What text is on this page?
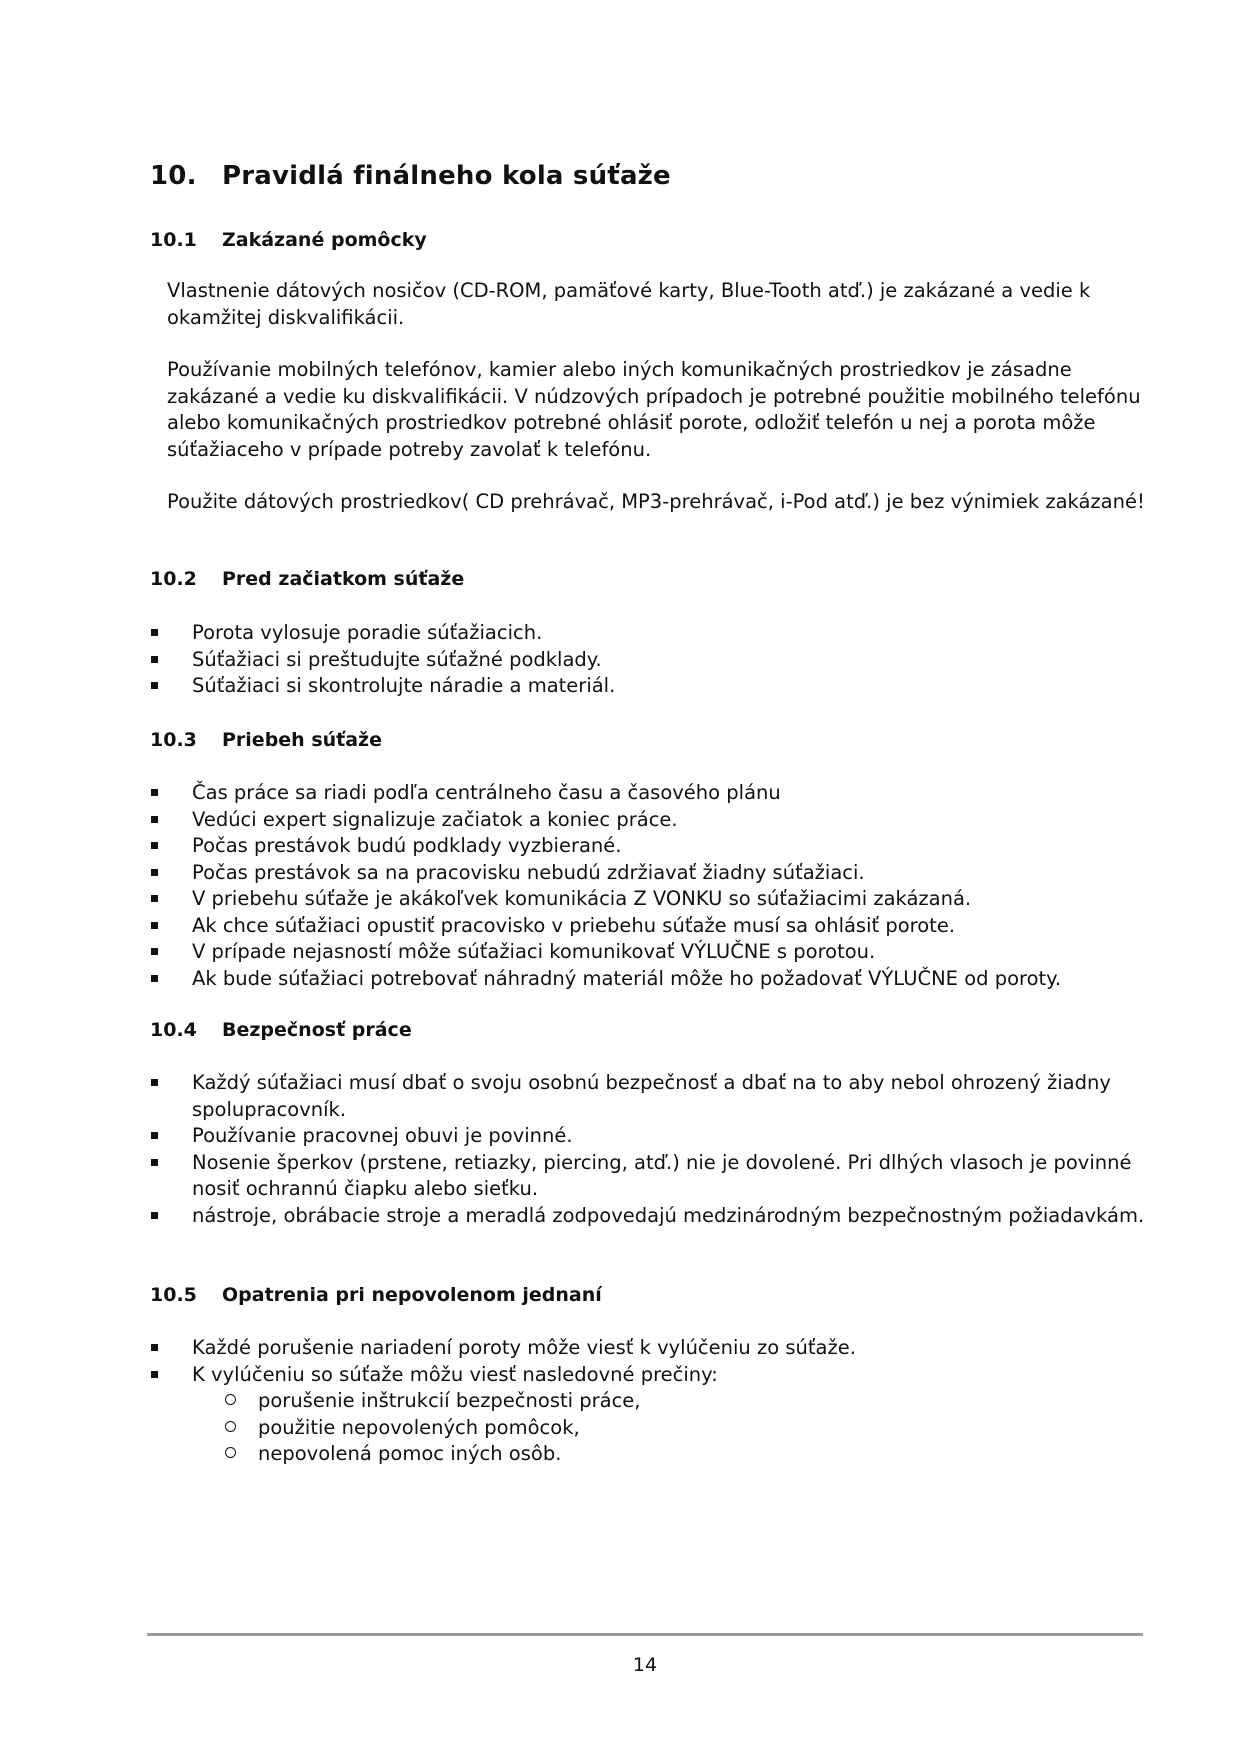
10. Pravidlá finálneho kola súťaže
10.1 Zakázané pomôcky

Vlastnenie dátových nosičov (CD-ROM, pamäťové karty, Blue-Tooth atď.) je zakázané a vedie k okamžitej diskvalifikácii.

Používanie mobilných telefónov, kamier alebo iných komunikačných prostriedkov je zásadne zakázané a vedie ku diskvalifikácii. V núdzových prípadoch je potrebné použitie mobilného telefónu alebo komunikačných prostriedkov potrebné ohlásiť porote, odložiť telefón u nej a porota môže súťažiaceho v prípade potreby zavolať k telefónu.

Použite dátových prostriedkov( CD prehrávač, MP3-prehrávač, i-Pod atď.) je bez výnimiek zakázané!

10.2 Pred začiatkom súťaže
Porota vylosuje poradie súťažiacich.
Súťažiaci si preštudujte súťažné podklady.
Súťažiaci si skontrolujte náradie a materiál.
10.3 Priebeh súťaže
Čas práce sa riadi podľa centrálneho času a časového plánu
Vedúci expert signalizuje začiatok a koniec práce.
Počas prestávok budú podklady vyzbierané.
Počas prestávok sa na pracovisku nebudú zdržiavať žiadny súťažiaci.
V priebehu súťaže je akákoľvek komunikácia Z VONKU so súťažiacimi zakázaná.
Ak chce súťažiaci opustiť pracovisko v priebehu súťaže musí sa ohlásiť porote.
V prípade nejasností môže súťažiaci komunikovať VÝLUČNE s porotou.
Ak bude súťažiaci potrebovať náhradný materiál môže ho požadovať VÝLUČNE od poroty.
10.4 Bezpečnosť práce
Každý súťažiaci musí dbať o svoju osobnú bezpečnosť a dbať na to aby nebol ohrozený žiadny spolupracovník.
Používanie pracovnej obuvi je povinné.
Nosenie šperkov (prstene, retiazky, piercing, atď.) nie je dovolené. Pri dlhých vlasoch je povinné nosiť ochrannú čiapku alebo sieťku.
nástroje, obrábacie stroje a meradlá zodpovedajú medzinárodným bezpečnostným požiadavkám.
10.5 Opatrenia pri nepovolenom jednaní
Každé porušenie nariadení poroty môže viesť k vylúčeniu zo súťaže.
K vylúčeniu so súťaže môžu viesť nasledovné prečiny:
porušenie inštrukcií bezpečnosti práce,
použitie nepovolených pomôcok,
nepovolená pomoc iných osôb.
14
